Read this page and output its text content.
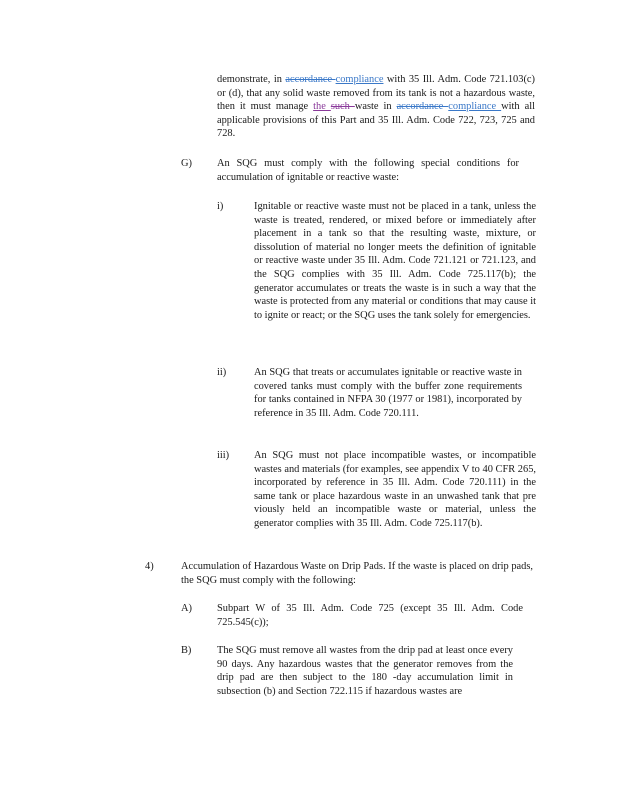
demonstrate, in accordance compliance with 35 Ill. Adm. Code 721.103(c) or (d), that any solid waste removed from its tank is not a hazardous waste, then it must manage the such waste in accordance compliance with all applicable provisions of this Part and 35 Ill. Adm. Code 722, 723, 725 and 728.
G) An SQG must comply with the following special conditions for accumulation of ignitable or reactive waste:
i)	Ignitable or reactive waste must not be placed in a tank, unless the waste is treated, rendered, or mixed before or immediately after placement in a tank so that the resulting waste, mixture, or dissolution of material no longer meets the definition of ignitable or reactive waste under 35 Ill. Adm. Code 721.121 or 721.123, and the SQG complies with 35 Ill. Adm. Code 725.117(b); the generator accumulates or treats the waste is in such a way that the waste is protected from any material or conditions that may cause it to ignite or react; or the SQG uses the tank solely for emergencies.
ii)	An SQG that treats or accumulates ignitable or reactive waste in covered tanks must comply with the buffer zone requirements for tanks contained in NFPA 30 (1977 or 1981), incorporated by reference in 35 Ill. Adm. Code 720.111.
iii) An SQG must not place incompatible wastes, or incompatible wastes and materials (for examples, see appendix V to 40 CFR 265, incorporated by reference in 35 Ill. Adm. Code 720.111) in the same tank or place hazardous waste in an unwashed tank that pre viously held an incompatible waste or material, unless the generator complies with 35 Ill. Adm. Code 725.117(b).
4)	Accumulation of Hazardous Waste on Drip Pads. If the waste is placed on drip pads, the SQG must comply with the following:
A) Subpart W of 35 Ill. Adm. Code 725 (except 35 Ill. Adm. Code 725.545(c));
B) The SQG must remove all wastes from the drip pad at least once every 90 days. Any hazardous wastes that the generator removes from the drip pad are then subject to the 180 -day accumulation limit in subsection (b) and Section 722.115 if hazardous wastes are
